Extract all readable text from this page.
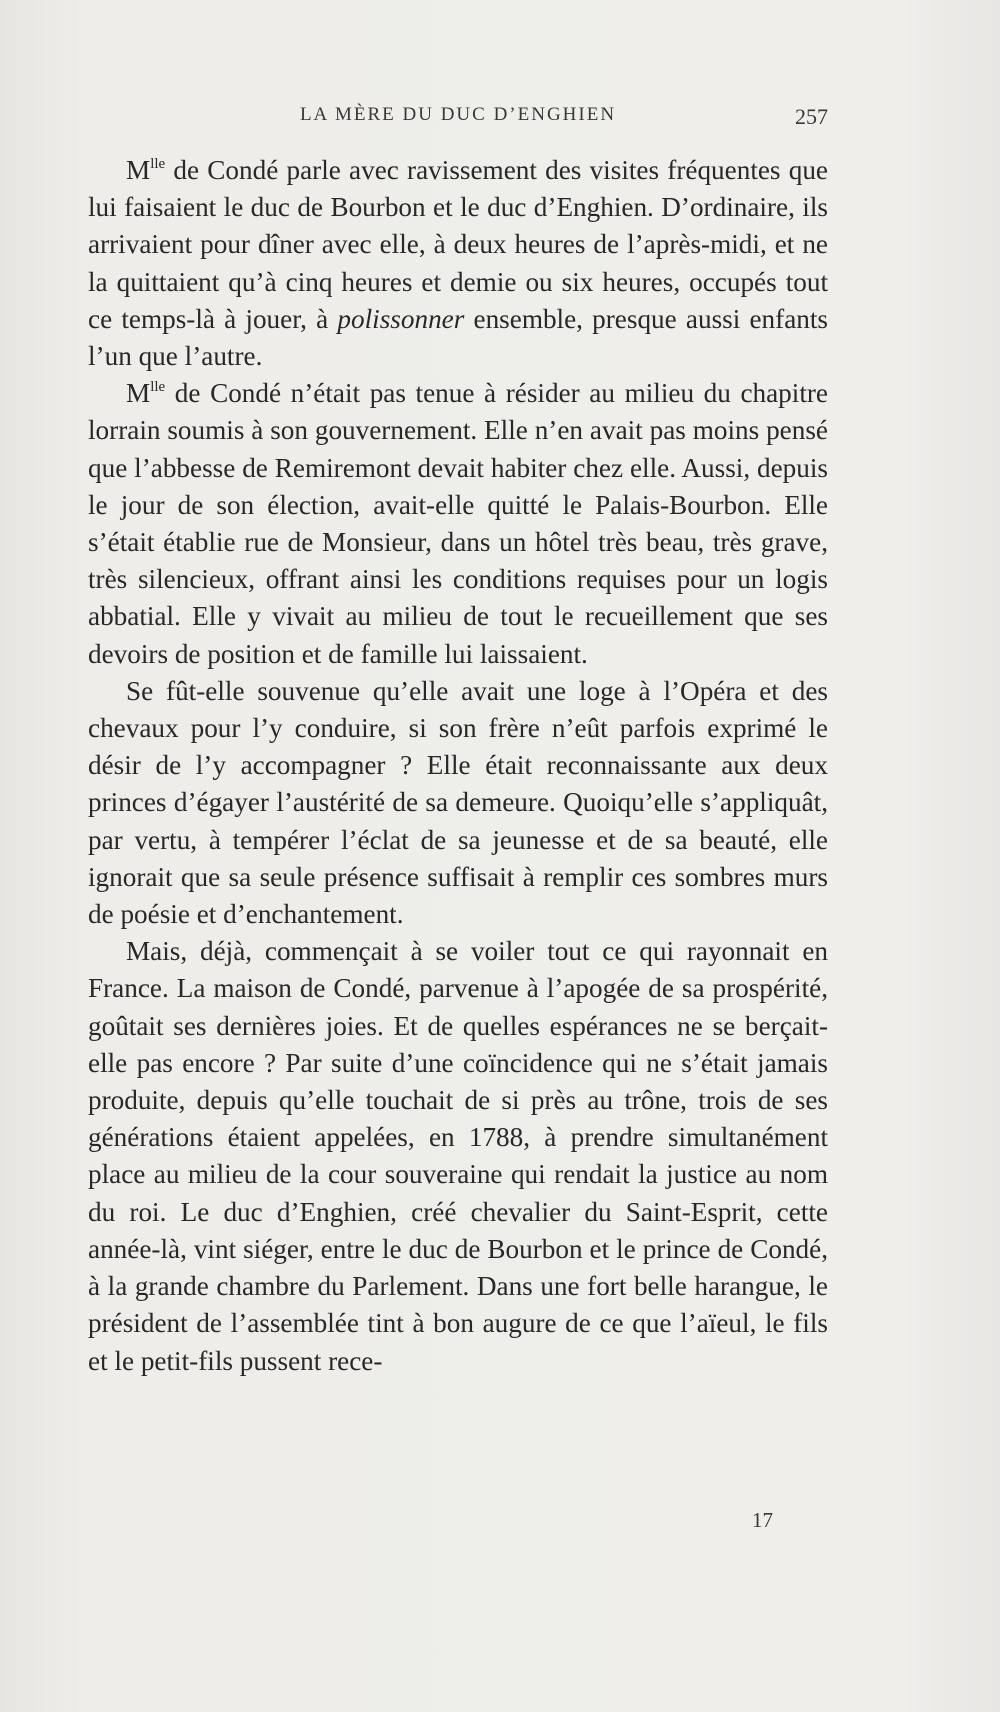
LA MÈRE DU DUC D’ENGHIEN	257

$M^{lle}$ de Condé parle avec ravissement des visites fréquentes que lui faisaient le duc de Bourbon et le duc d’Enghien. D’ordinaire, ils arrivaient pour dîner avec elle, à deux heures de l’après-midi, et ne la quittaient qu’à cinq heures et demie ou six heures, occupés tout ce temps-là à jouer, à polissonner ensemble, presque aussi enfants l’un que l’autre.

$M^{lle}$ de Condé n’était pas tenue à résider au milieu du chapitre lorrain soumis à son gouvernement. Elle n’en avait pas moins pensé que l’abbesse de Remiremont devait habiter chez elle. Aussi, depuis le jour de son élection, avait-elle quitté le Palais-Bourbon. Elle s’était établie rue de Monsieur, dans un hôtel très beau, très grave, très silencieux, offrant ainsi les conditions requises pour un logis abbatial. Elle y vivait au milieu de tout le recueillement que ses devoirs de position et de famille lui laissaient.

Se fût-elle souvenue qu’elle avait une loge à l’Opéra et des chevaux pour l’y conduire, si son frère n’eût parfois exprimé le désir de l’y accompagner ? Elle était reconnaissante aux deux princes d’égayer l’austérité de sa demeure. Quoiqu’elle s’appliquât, par vertu, à tempérer l’éclat de sa jeunesse et de sa beauté, elle ignorait que sa seule présence suffisait à remplir ces sombres murs de poésie et d’enchantement.

Mais, déjà, commençait à se voiler tout ce qui rayonnait en France. La maison de Condé, parvenue à l’apogée de sa prospérité, goûtait ses dernières joies. Et de quelles espérances ne se berçait-elle pas encore ? Par suite d’une coïncidence qui ne s’était jamais produite, depuis qu’elle touchait de si près au trône, trois de ses générations étaient appelées, en 1788, à prendre simultanément place au milieu de la cour souveraine qui rendait la justice au nom du roi. Le duc d’Enghien, créé chevalier du Saint-Esprit, cette année-là, vint siéger, entre le duc de Bourbon et le prince de Condé, à la grande chambre du Parlement. Dans une fort belle harangue, le président de l’assemblée tint à bon augure de ce que l’aïeul, le fils et le petit-fils pussent rece-

17
